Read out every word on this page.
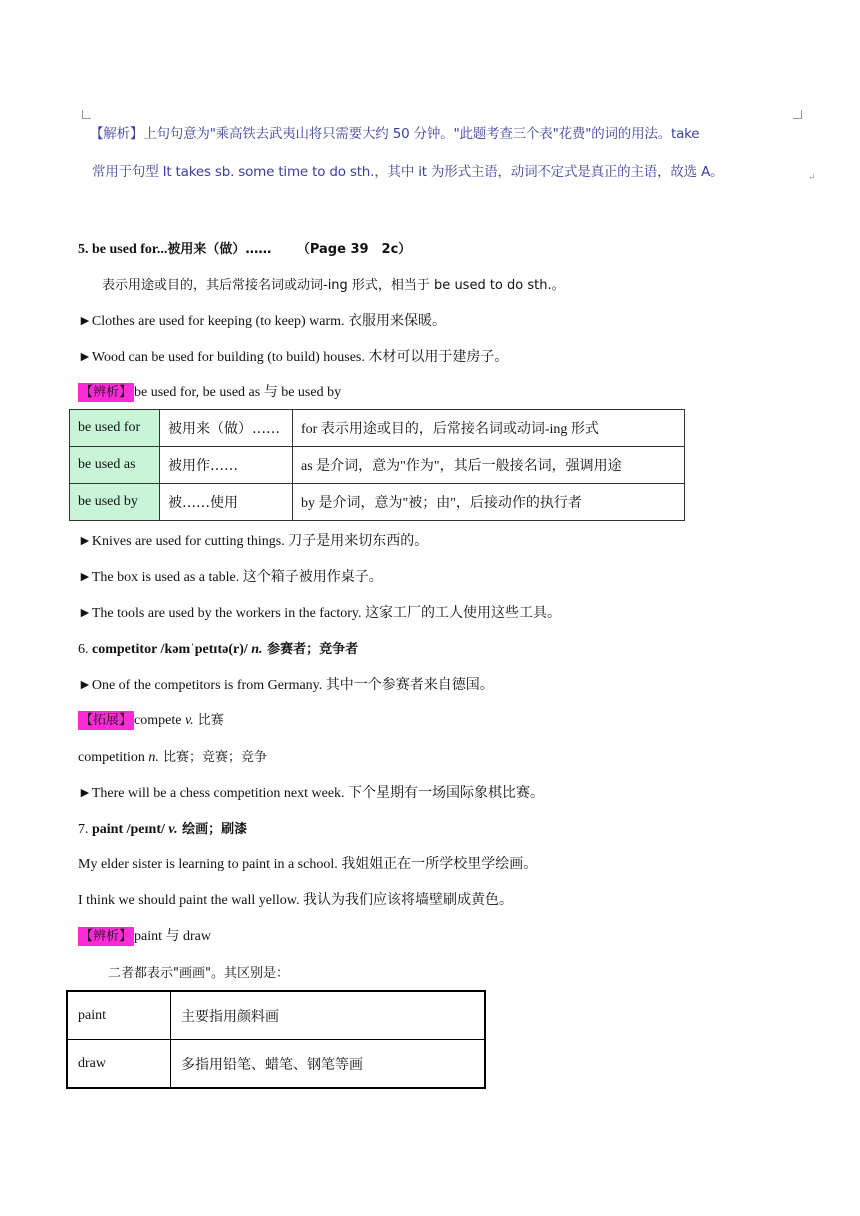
↵
【解析】上句句意为"乘高铁去武夷山将只需要大约 50 分钟。"此题考查三个表"花费"的词的用法。take
常用于句型 It takes sb. some time to do sth.，其中 it 为形式主语，动词不定式是真正的主语，故选 A。
5. be used for...被用来（做）…… （Page 39　2c）
表示用途或目的，其后常接名词或动词-ing 形式，相当于 be used to do sth.。
►Clothes are used for keeping (to keep) warm. 衣服用来保暖。
►Wood can be used for building (to build) houses. 木材可以用于建房子。
【辨析】 be used for, be used as 与 be used by
be used for	被用来（做）……	for 表示用途或目的，后常接名词或动词-ing 形式
be used as	被用作……	as 是介词，意为"作为"，其后一般接名词，强调用途
be used by	被……使用	by 是介词，意为"被；由"，后接动作的执行者
►Knives are used for cutting things. 刀子是用来切东西的。
►The box is used as a table. 这个箱子被用作桌子。
►The tools are used by the workers in the factory. 这家工厂的工人使用这些工具。
6. competitor /kəmˈpetɪtə(r)/ n. 参赛者；竞争者
►One of the competitors is from Germany. 其中一个参赛者来自德国。
【拓展】 compete v. 比赛
competition n. 比赛；竞赛；竞争
►There will be a chess competition next week. 下个星期有一场国际象棋比赛。
7. paint /peɪnt/ v. 绘画；刷漆
My elder sister is learning to paint in a school. 我姐姐正在一所学校里学绘画。
I think we should paint the wall yellow. 我认为我们应该将墙壁刷成黄色。
【辨析】 paint 与 draw
二者都表示"画画"。其区别是：
paint	主要指用颜料画
draw	多指用铅笔、蜡笔、钢笔等画
